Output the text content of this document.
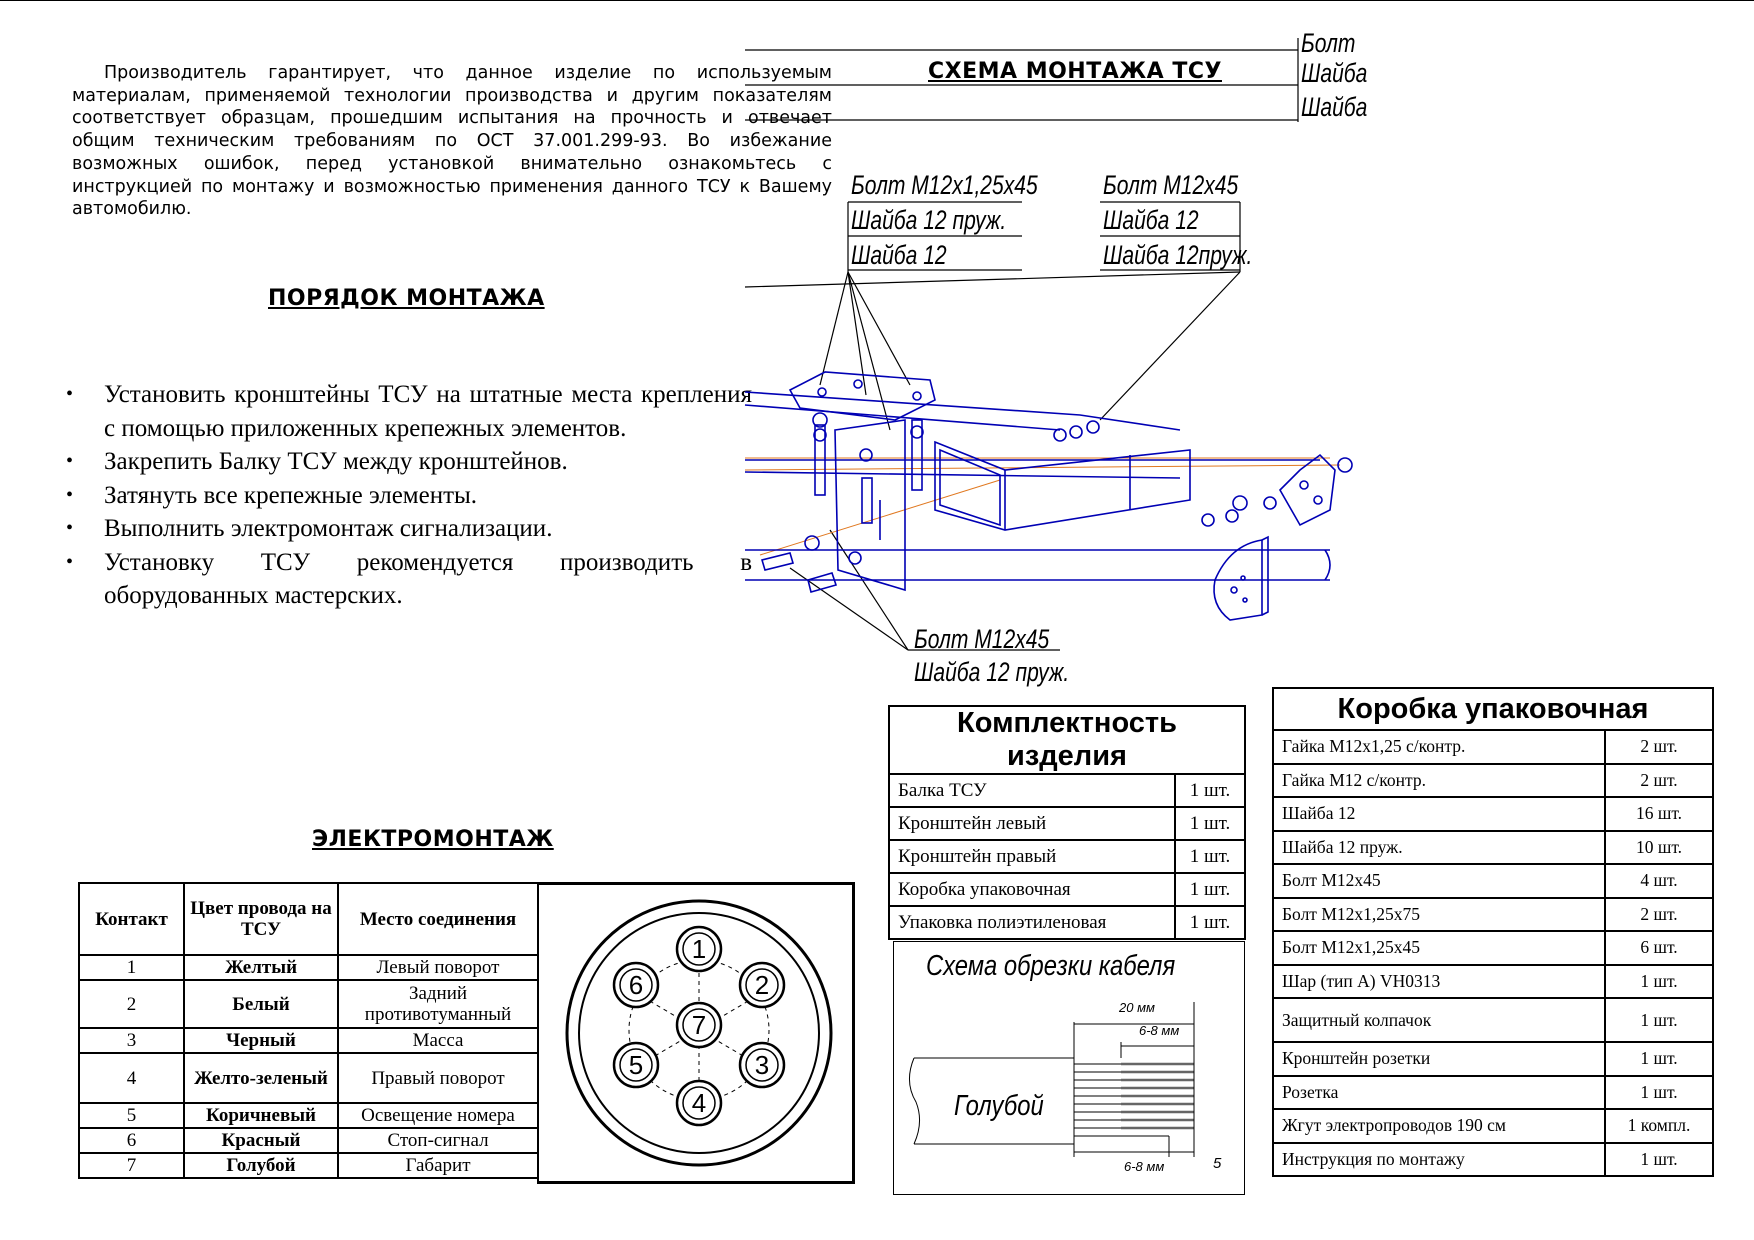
Производитель гарантирует, что данное изделие по используемым материалам, применяемой технологии производства и другим показателям соответствует образцам, прошедшим испытания на прочность и отвечает общим техническим требованиям по ОСТ 37.001.299-93. Во избежание возможных ошибок, перед установкой внимательно ознакомьтесь с инструкцией по монтажу и возможностью применения данного ТСУ к Вашему автомобилю.

СХЕМА МОНТАЖА ТСУ
ПОРЯДОК МОНТАЖА
ЭЛЕКТРОМОНТАЖ
• Установить кронштейны ТСУ на штатные места крепления с помощью приложенных крепежных элементов.
• Закрепить Балку ТСУ между кронштейнов.
• Затянуть все крепежные элементы.
• Выполнить электромонтаж сигнализации.
• Установку ТСУ рекомендуется производить в оборудованных мастерских.
Болт
Шайба
Шайба
Болт М12x1,25x45
Шайба 12 пруж.
Шайба 12
Болт М12x45
Шайба 12
Шайба 12пруж.
Болт М12x45
Шайба 12 пруж.
Контакт	Цвет провода на ТСУ	Место соединения
1	Желтый	Левый поворот
2	Белый	Задний противотуманный
3	Черный	Масса
4	Желто-зеленый	Правый поворот
5	Коричневый	Освещение номера
6	Красный	Стоп-сигнал
7	Голубой	Габарит
1
2
3
4
5
6
7
Комплектность изделия	
Балка ТСУ	1 шт.
Кронштейн левый	1 шт.
Кронштейн правый	1 шт.
Коробка упаковочная	1 шт.
Упаковка полиэтиленовая	1 шт.
Коробка упаковочная	
Гайка М12x1,25 с/контр.	2 шт.
Гайка М12 с/контр.	2 шт.
Шайба 12	16 шт.
Шайба 12 пруж.	10 шт.
Болт М12x45	4 шт.
Болт М12x1,25x75	2 шт.
Болт М12x1,25x45	6 шт.
Шар (тип А) VH0313	1 шт.
Защитный колпачок	1 шт.
Кронштейн розетки	1 шт.
Розетка	1 шт.
Жгут электропроводов 190 см	1 компл.
Инструкция по монтажу	1 шт.
Схема обрезки кабеля
Голубой
20 мм
6-8 мм
6-8 мм	5
